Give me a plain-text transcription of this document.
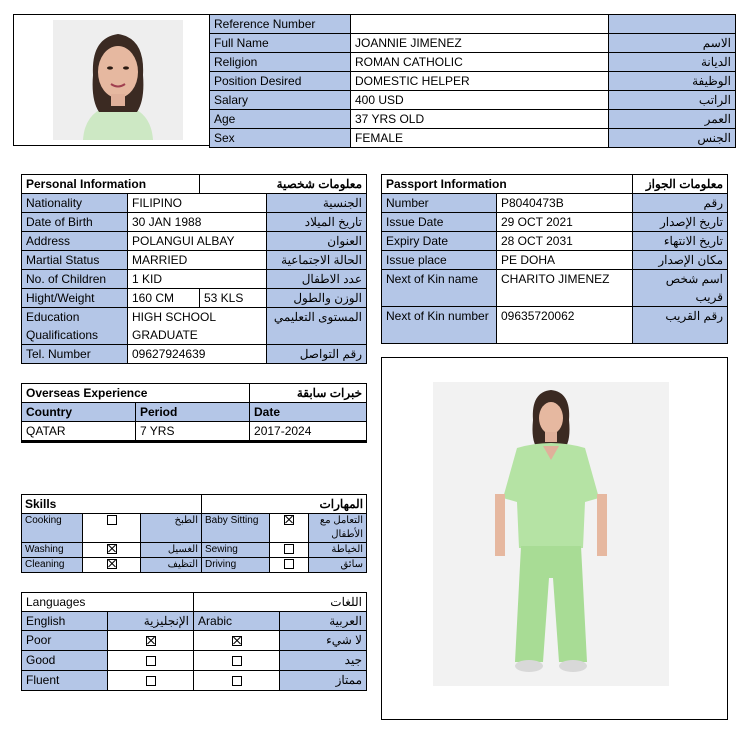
Reference Number		
Full Name	JOANNIE JIMENEZ	الاسم
Religion	ROMAN CATHOLIC	الديانة
Position Desired	DOMESTIC HELPER	الوظيفة
Salary	400 USD	الراتب
Age	37 YRS OLD	العمر
Sex	FEMALE	الجنس
Personal Information		معلومات شخصية	
Nationality	FILIPINO		الجنسية
Date of Birth	30 JAN 1988		تاريخ الميلاد
Address	POLANGUI ALBAY		العنوان
Martial Status	MARRIED		الحالة الاجتماعية
No. of Children	1 KID		عدد الاطفال
Hight/Weight	160 CM	53 KLS	الوزن والطول
Education Qualifications	HIGH SCHOOL GRADUATE		المستوى التعليمي
Tel. Number	09627924639		رقم التواصل
Passport Information		معلومات الجواز
Number	P8040473B	رقم
Issue Date	29 OCT 2021	تاريخ الإصدار
Expiry Date	28 OCT 2031	تاريخ الانتهاء
Issue place	PE DOHA	مكان الإصدار
Next of Kin name	CHARITO JIMENEZ	اسم شخص قريب
Next of Kin number	09635720062	رقم القريب
Overseas Experience		خبرات سابقة
Country	Period	Date
QATAR	7 YRS	2017-2024

Skills			المهارات		
Cooking		الطبخ	Baby Sitting		التعامل مع الأطفال
Washing		الغسيل	Sewing		الخياطة
Cleaning		التظيف	Driving		سائق
Languages		اللغات	
English	الإنجليزية	Arabic	العربية
Poor			لا شيء
Good			جيد
Fluent			ممتاز
